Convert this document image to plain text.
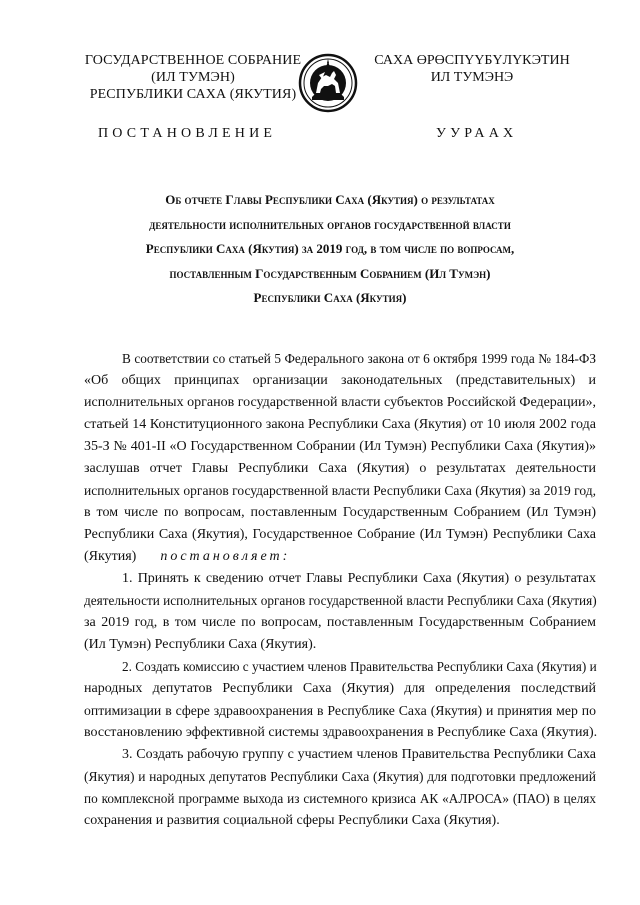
ГОСУДАРСТВЕННОЕ СОБРАНИЕ
(ИЛ ТУМЭН)
РЕСПУБЛИКИ САХА (ЯКУТИЯ)
САХА ӨРӨСПҮҮБҮЛҮКЭТИН
ИЛ ТУМЭНЭ
ПОСТАНОВЛЕНИЕ	УУРААХ
Об отчете Главы Республики Саха (Якутия) о результатах
деятельности исполнительных органов государственной власти
Республики Саха (Якутия) за 2019 год, в том числе по вопросам,
поставленным Государственным Собранием (Ил Тумэн)
Республики Саха (Якутия)
В соответствии со статьей 5 Федерального закона от 6 октября 1999 года № 184-ФЗ
«Об общих принципах организации законодательных (представительных) и
исполнительных органов государственной власти субъектов Российской Федерации»,
статьей 14 Конституционного закона Республики Саха (Якутия) от 10 июля 2002 года
35-З № 401-II «О Государственном Собрании (Ил Тумэн) Республики Саха (Якутия)»
заслушав отчет Главы Республики Саха (Якутия) о результатах деятельности
исполнительных органов государственной власти Республики Саха (Якутия) за 2019 год,
в том числе по вопросам, поставленным Государственным Собранием (Ил Тумэн)
Республики Саха (Якутия), Государственное Собрание (Ил Тумэн) Республики Саха
(Якутия) постановляет:
1. Принять к сведению отчет Главы Республики Саха (Якутия) о результатах
деятельности исполнительных органов государственной власти Республики Саха (Якутия)
за 2019 год, в том числе по вопросам, поставленным Государственным Собранием
(Ил Тумэн) Республики Саха (Якутия).
2. Создать комиссию с участием членов Правительства Республики Саха (Якутия) и
народных депутатов Республики Саха (Якутия) для определения последствий
оптимизации в сфере здравоохранения в Республике Саха (Якутия) и принятия мер по
восстановлению эффективной системы здравоохранения в Республике Саха (Якутия).
3. Создать рабочую группу с участием членов Правительства Республики Саха
(Якутия) и народных депутатов Республики Саха (Якутия) для подготовки предложений
по комплексной программе выхода из системного кризиса АК «АЛРОСА» (ПАО) в целях
сохранения и развития социальной сферы Республики Саха (Якутия).
